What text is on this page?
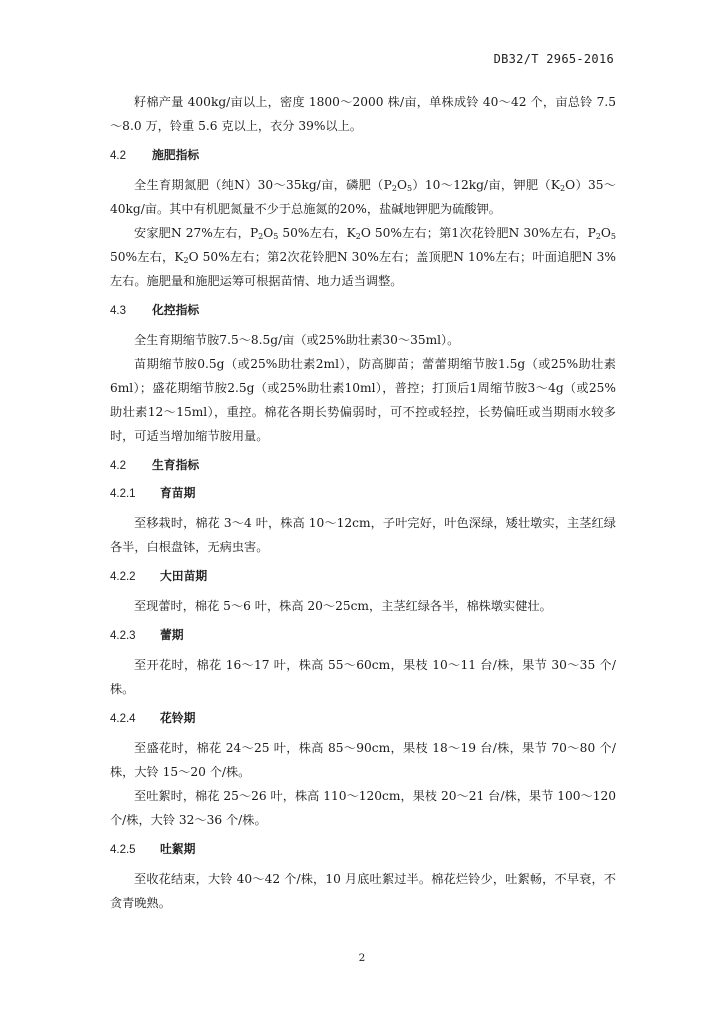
DB32/T 2965-2016

籽棉产量 400kg/亩以上，密度 1800～2000 株/亩，单株成铃 40～42 个，亩总铃 7.5～8.0 万，铃重 5.6 克以上，衣分 39%以上。

4.2 施肥指标

全生育期氮肥（纯N）30～35kg/亩，磷肥$(P_2O_5)10\sim 12kg/$亩，钾肥$(K_2O)35\sim 40kg/$亩。其中有机肥氮量不少于总施氮的20%，盐碱地钾肥为硫酸钾。

安家肥N 27%左右，$P_2O_5$ 50%左右，$K_2O$ 50%左右；第1次花铃肥N 30%左右，$P_2O_5$ 50%左右，$K_2O$ 50%左右；第2次花铃肥N 30%左右；盖顶肥N 10%左右；叶面追肥N 3%左右。施肥量和施肥运筹可根据苗情、地力适当调整。

4.3 化控指标

全生育期缩节胺7.5～8.5g/亩（或25%助壮素30～35ml）。

苗期缩节胺0.5g（或25%助壮素2ml），防高脚苗；蕾蕾期缩节胺1.5g（或25%助壮素6ml）；盛花期缩节胺2.5g（或25%助壮素10ml），普控；打顶后1周缩节胺3～4g（或25%助壮素12～15ml），重控。棉花各期长势偏弱时，可不控或轻控，长势偏旺或当期雨水较多时，可适当增加缩节胺用量。

4.2 生育指标
4.2.1 育苗期

至移栽时，棉花 3～4 叶，株高 10～12cm，子叶完好，叶色深绿，矮壮墩实，主茎红绿各半，白根盘钵，无病虫害。

4.2.2 大田苗期

至现蕾时，棉花 5～6 叶，株高 20～25cm，主茎红绿各半，棉株墩实健壮。

4.2.3 蕾期

至开花时，棉花 16～17 叶，株高 55～60cm，果枝 10～11 台/株，果节 30～35 个/株。

4.2.4 花铃期

至盛花时，棉花 24～25 叶，株高 85～90cm，果枝 18～19 台/株，果节 70～80 个/株，大铃 15～20 个/株。

至吐絮时，棉花 25～26 叶，株高 110～120cm，果枝 20～21 台/株，果节 100～120 个/株，大铃 32～36 个/株。

4.2.5 吐絮期

至收花结束，大铃 40～42 个/株，10 月底吐絮过半。棉花烂铃少，吐絮畅，不早衰，不贪青晚熟。

2
